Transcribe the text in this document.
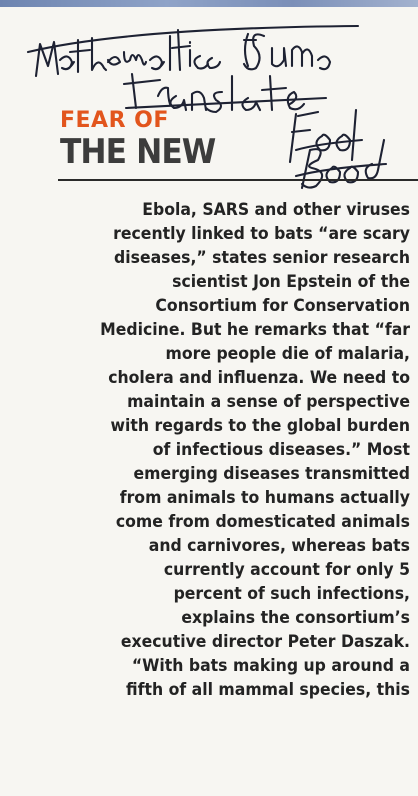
FEAR OF

THE NEW
Ebola, SARS and other viruses
recently linked to bats “are scary
diseases,” states senior research
scientist Jon Epstein of the
Consortium for Conservation
Medicine. But he remarks that “far
more people die of malaria,
cholera and influenza. We need to
maintain a sense of perspective
with regards to the global burden
of infectious diseases.” Most
emerging diseases transmitted
from animals to humans actually
come from domesticated animals
and carnivores, whereas bats
currently account for only 5
percent of such infections,
explains the consortium’s
executive director Peter Daszak.
“With bats making up around a
fifth of all mammal species, this
